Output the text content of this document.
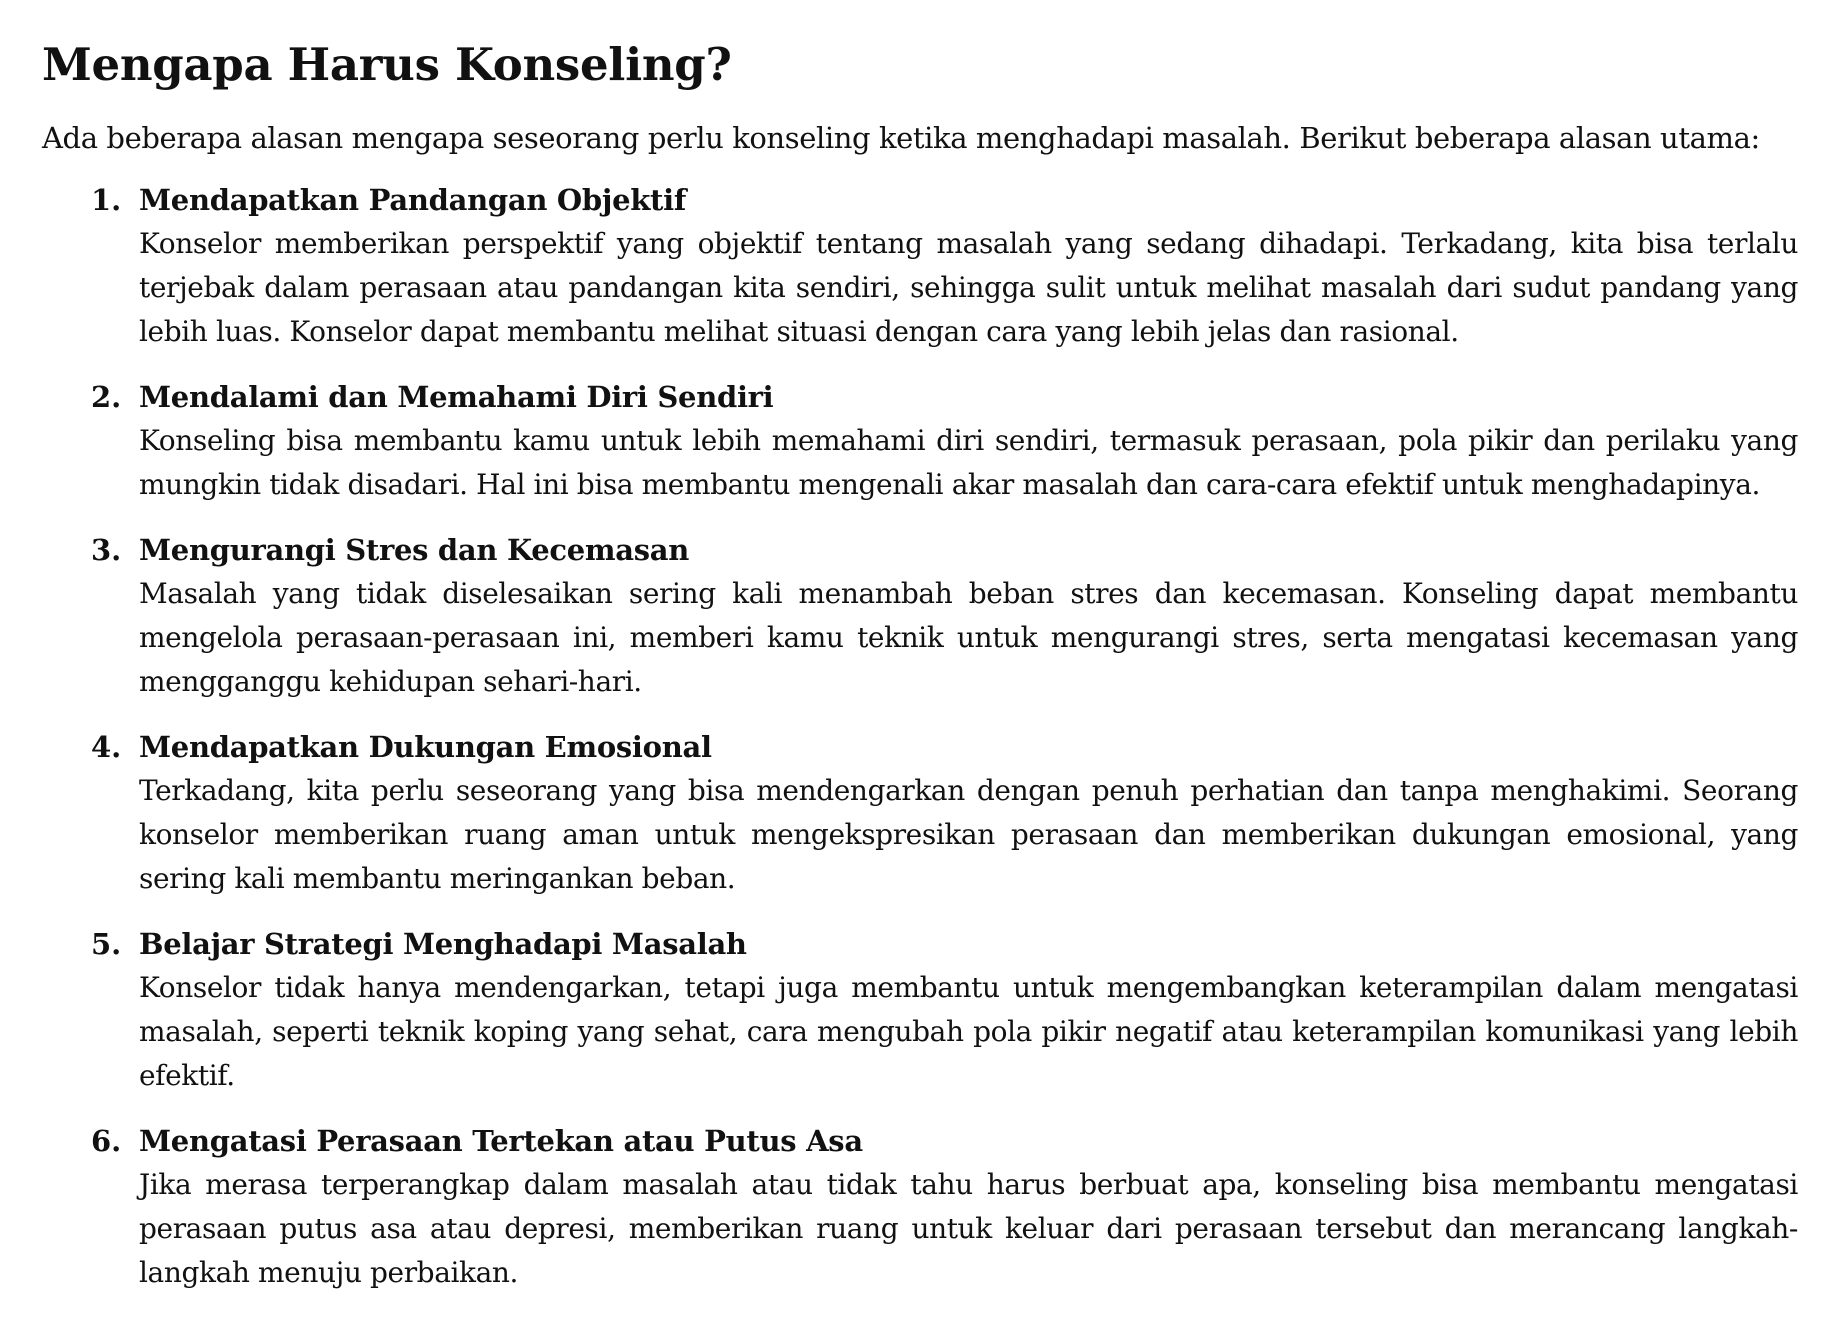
Mengapa Harus Konseling?

Ada beberapa alasan mengapa seseorang perlu konseling ketika menghadapi masalah. Berikut beberapa alasan utama:

1. Mendapatkan Pandangan Objektif
Konselor memberikan perspektif yang objektif tentang masalah yang sedang dihadapi. Terkadang, kita bisa terlalu terjebak dalam perasaan atau pandangan kita sendiri, sehingga sulit untuk melihat masalah dari sudut pandang yang lebih luas. Konselor dapat membantu melihat situasi dengan cara yang lebih jelas dan rasional.
2. Mendalami dan Memahami Diri Sendiri
Konseling bisa membantu kamu untuk lebih memahami diri sendiri, termasuk perasaan, pola pikir dan perilaku yang mungkin tidak disadari. Hal ini bisa membantu mengenali akar masalah dan cara-cara efektif untuk menghadapinya.
3. Mengurangi Stres dan Kecemasan
Masalah yang tidak diselesaikan sering kali menambah beban stres dan kecemasan. Konseling dapat membantu mengelola perasaan-perasaan ini, memberi kamu teknik untuk mengurangi stres, serta mengatasi kecemasan yang mengganggu kehidupan sehari-hari.
4. Mendapatkan Dukungan Emosional
Terkadang, kita perlu seseorang yang bisa mendengarkan dengan penuh perhatian dan tanpa menghakimi. Seorang konselor memberikan ruang aman untuk mengekspresikan perasaan dan memberikan dukungan emosional, yang sering kali membantu meringankan beban.
5. Belajar Strategi Menghadapi Masalah
Konselor tidak hanya mendengarkan, tetapi juga membantu untuk mengembangkan keterampilan dalam mengatasi masalah, seperti teknik koping yang sehat, cara mengubah pola pikir negatif atau keterampilan komunikasi yang lebih efektif.
6. Mengatasi Perasaan Tertekan atau Putus Asa
Jika merasa terperangkap dalam masalah atau tidak tahu harus berbuat apa, konseling bisa membantu mengatasi perasaan putus asa atau depresi, memberikan ruang untuk keluar dari perasaan tersebut dan merancang langkah-langkah menuju perbaikan.
